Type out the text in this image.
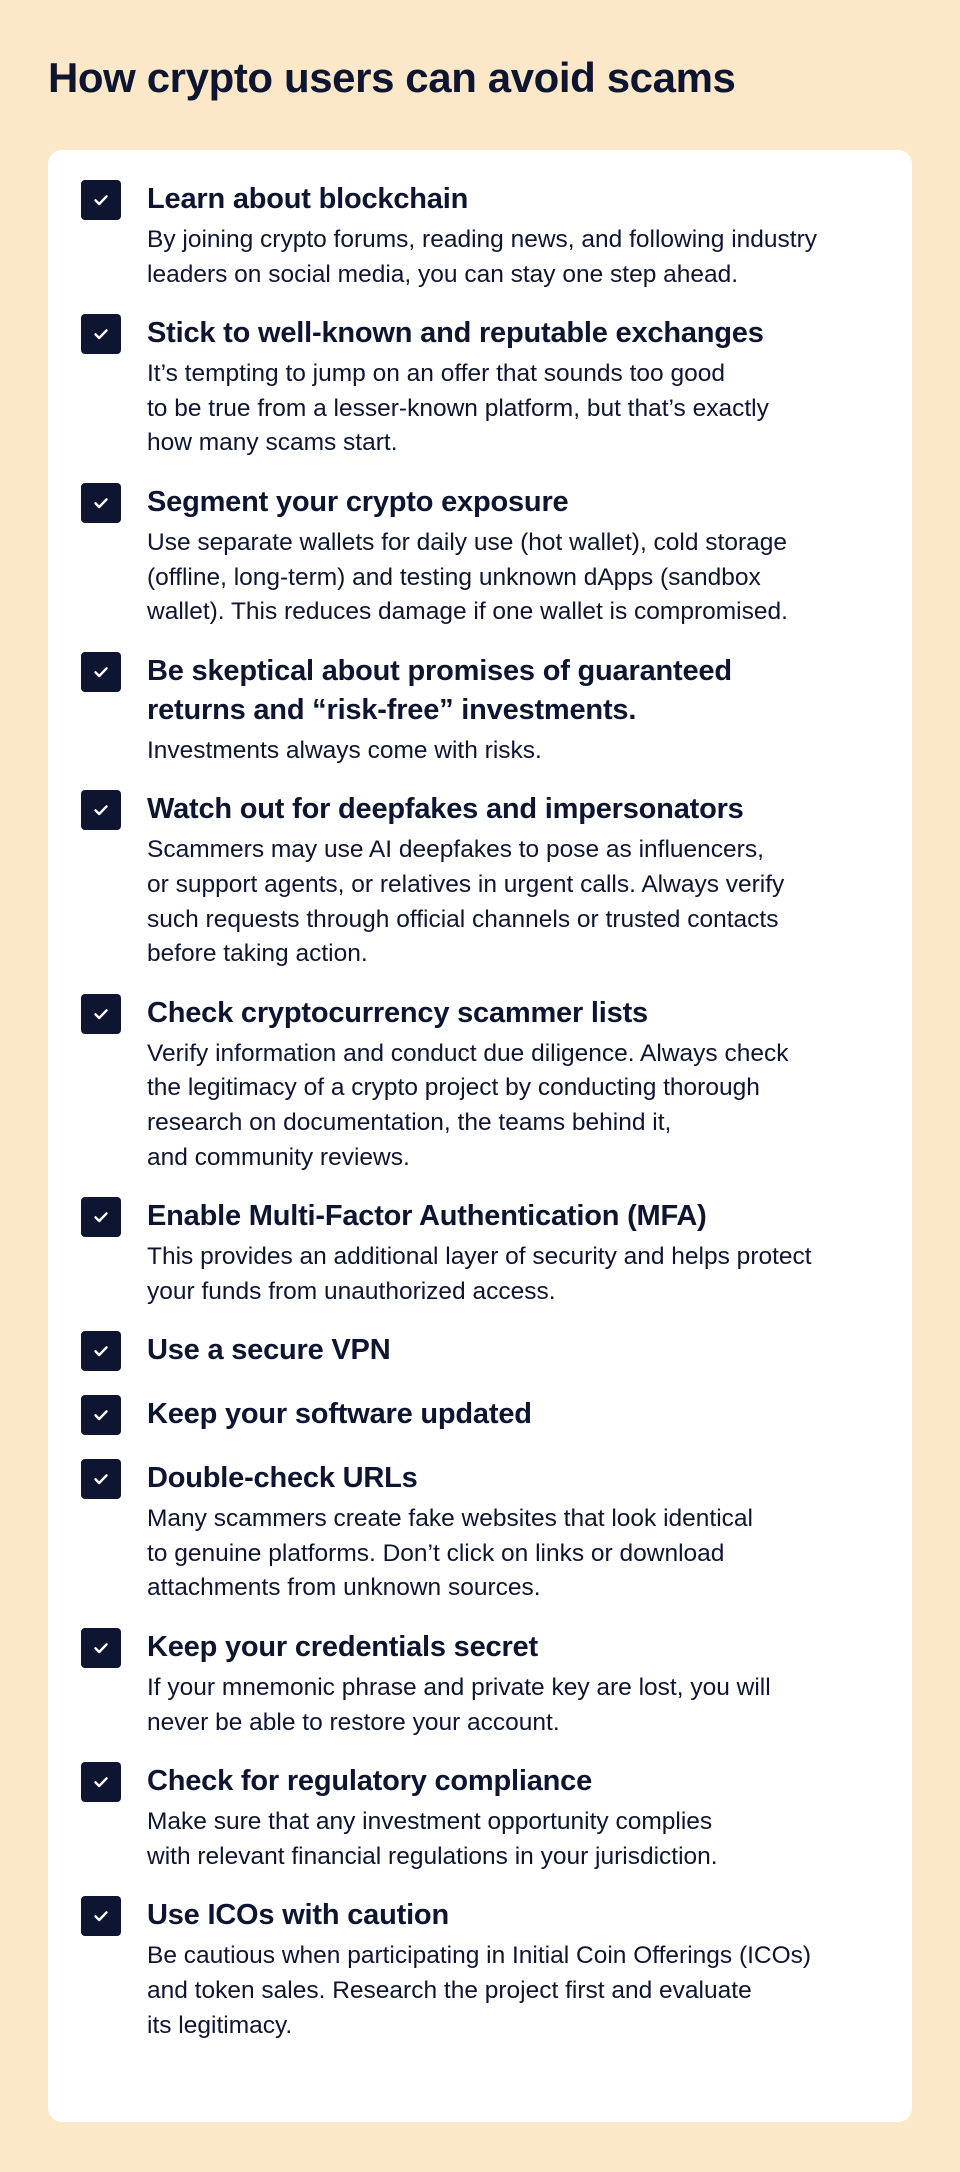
How crypto users can avoid scams
Learn about blockchain
By joining crypto forums, reading news, and following industry
leaders on social media, you can stay one step ahead.
Stick to well-known and reputable exchanges
It’s tempting to jump on an offer that sounds too good
to be true from a lesser-known platform, but that’s exactly
how many scams start.
Segment your crypto exposure
Use separate wallets for daily use (hot wallet), cold storage
(offline, long-term) and testing unknown dApps (sandbox
wallet). This reduces damage if one wallet is compromised.
Be skeptical about promises of guaranteed
returns and “risk-free” investments.
Investments always come with risks.
Watch out for deepfakes and impersonators
Scammers may use AI deepfakes to pose as influencers,
or support agents, or relatives in urgent calls. Always verify
such requests through official channels or trusted contacts
before taking action.
Check cryptocurrency scammer lists
Verify information and conduct due diligence. Always check
the legitimacy of a crypto project by conducting thorough
research on documentation, the teams behind it,
and community reviews.
Enable Multi-Factor Authentication (MFA)
This provides an additional layer of security and helps protect
your funds from unauthorized access.
Use a secure VPN
Keep your software updated
Double-check URLs
Many scammers create fake websites that look identical
to genuine platforms. Don’t click on links or download
attachments from unknown sources.
Keep your credentials secret
If your mnemonic phrase and private key are lost, you will
never be able to restore your account.
Check for regulatory compliance
Make sure that any investment opportunity complies
with relevant financial regulations in your jurisdiction.
Use ICOs with caution
Be cautious when participating in Initial Coin Offerings (ICOs)
and token sales. Research the project first and evaluate
its legitimacy.
